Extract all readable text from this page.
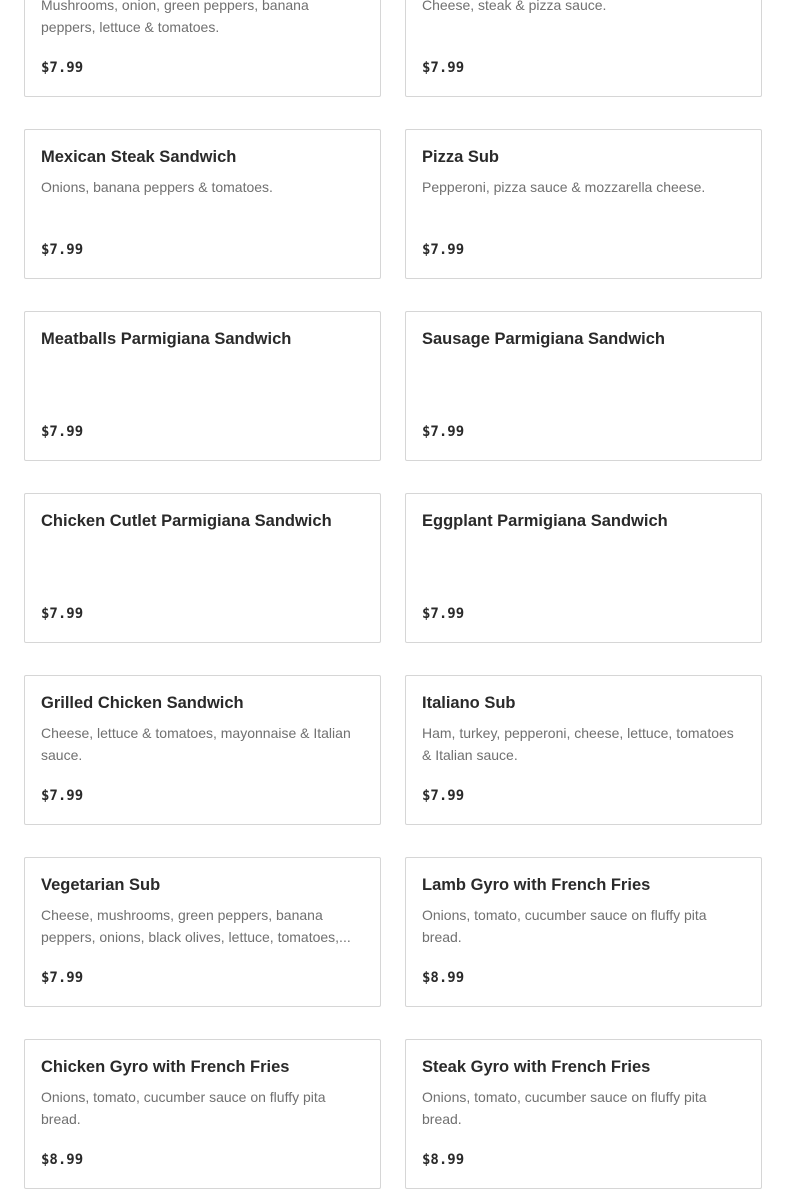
Mushrooms, onion, green peppers, banana peppers, lettuce & tomatoes.
$7.99
Cheese, steak & pizza sauce.
$7.99
Mexican Steak Sandwich
Onions, banana peppers & tomatoes.
$7.99
Pizza Sub
Pepperoni, pizza sauce & mozzarella cheese.
$7.99
Meatballs Parmigiana Sandwich
$7.99
Sausage Parmigiana Sandwich
$7.99
Chicken Cutlet Parmigiana Sandwich
$7.99
Eggplant Parmigiana Sandwich
$7.99
Grilled Chicken Sandwich
Cheese, lettuce & tomatoes, mayonnaise & Italian sauce.
$7.99
Italiano Sub
Ham, turkey, pepperoni, cheese, lettuce, tomatoes & Italian sauce.
$7.99
Vegetarian Sub
Cheese, mushrooms, green peppers, banana peppers, onions, black olives, lettuce, tomatoes,...
$7.99
Lamb Gyro with French Fries
Onions, tomato, cucumber sauce on fluffy pita bread.
$8.99
Chicken Gyro with French Fries
Onions, tomato, cucumber sauce on fluffy pita bread.
$8.99
Steak Gyro with French Fries
Onions, tomato, cucumber sauce on fluffy pita bread.
$8.99
